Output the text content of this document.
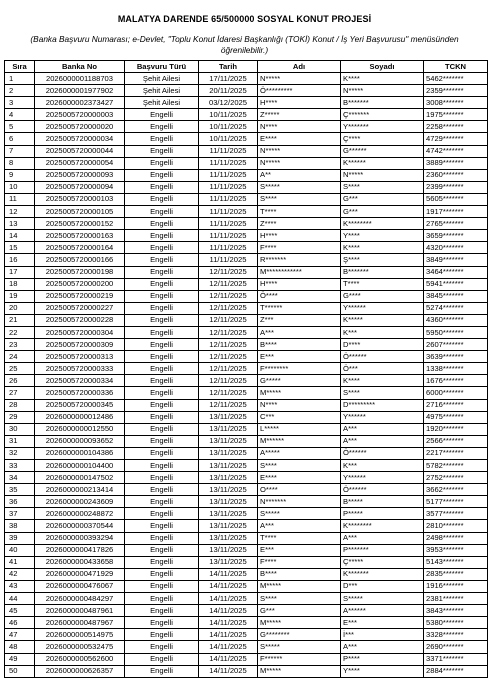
MALATYA DARENDE 65/500000 SOSYAL KONUT PROJESİ
(Banka Başvuru Numarası; e-Devlet, "Toplu Konut İdaresi Başkanlığı (TOKİ) Konut / İş Yeri Başvurusu" menüsünden öğrenilebilir.)
Sıra	Banka No	Başvuru Türü	Tarih	Adı	Soyadı	TCKN
1	2026000001188703	Şehit Ailesi	17/11/2025	N*****	K****	5462*******
2	2026000001977902	Şehit Ailesi	20/11/2025	Ö*********	N*****	2359*******
3	2026000002373427	Şehit Ailesi	03/12/2025	H****	B*******	3008*******
4	2025005720000003	Engelli	10/11/2025	Z*****	Ç*******	1975*******
5	2025005720000020	Engelli	10/11/2025	N****	Y*******	2258*******
6	2025005720000034	Engelli	10/11/2025	E****	Ç****	4729*******
7	2025005720000044	Engelli	11/11/2025	N*****	G******	4742*******
8	2025005720000054	Engelli	11/11/2025	N*****	K******	3889*******
9	2025005720000093	Engelli	11/11/2025	A**	N*****	2360*******
10	2025005720000094	Engelli	11/11/2025	S*****	S****	2399*******
11	2025005720000103	Engelli	11/11/2025	S****	G***	5605*******
12	2025005720000105	Engelli	11/11/2025	T****	G***	1917*******
13	2025005720000152	Engelli	11/11/2025	Z****	K********	2765*******
14	2025005720000163	Engelli	11/11/2025	H****	Y****	3659*******
15	2025005720000164	Engelli	11/11/2025	F****	K****	4320*******
16	2025005720000166	Engelli	11/11/2025	R*******	Ş****	3849*******
17	2025005720000198	Engelli	12/11/2025	M************	B*******	3464*******
18	2025005720000200	Engelli	12/11/2025	H****	T****	5941*******
19	2025005720000219	Engelli	12/11/2025	Ö****	G****	3845*******
20	2025005720000227	Engelli	12/11/2025	T******	Y******	5274*******
21	2025005720000228	Engelli	12/11/2025	Z***	K*****	4360*******
22	2025005720000304	Engelli	12/11/2025	A***	K***	5950*******
23	2025005720000309	Engelli	12/11/2025	B****	D****	2607*******
24	2025005720000313	Engelli	12/11/2025	E***	Ö******	3639*******
25	2025005720000333	Engelli	12/11/2025	F********	Ö***	1338*******
26	2025005720000334	Engelli	12/11/2025	G*****	K****	1676*******
27	2025005720000336	Engelli	12/11/2025	M*****	S****	6000*******
28	2025005720000345	Engelli	12/11/2025	N****	D*********	2716*******
29	2026000000012486	Engelli	13/11/2025	C***	Y******	4975*******
30	2026000000012550	Engelli	13/11/2025	L*****	A***	1920*******
31	2026000000093652	Engelli	13/11/2025	M******	A***	2566*******
32	2026000000104386	Engelli	13/11/2025	A*****	Ö******	2217*******
33	2026000000104400	Engelli	13/11/2025	S****	K***	5782*******
34	2026000000147502	Engelli	13/11/2025	E****	Y******	2752*******
35	2026000000213414	Engelli	13/11/2025	O****	Ö******	3662*******
36	2026000000243609	Engelli	13/11/2025	N*******	B*****	5177*******
37	2026000000248872	Engelli	13/11/2025	S*****	P*****	3577*******
38	2026000000370544	Engelli	13/11/2025	A***	K********	2810*******
39	2026000000393294	Engelli	13/11/2025	T****	A***	2498*******
40	2026000000417826	Engelli	13/11/2025	E***	P*******	3953*******
41	2026000000433658	Engelli	13/11/2025	F****	Ç*****	5143*******
42	2026000000471929	Engelli	14/11/2025	B****	K*******	2835*******
43	2026000000476067	Engelli	14/11/2025	M*****	D***	1916*******
44	2026000000484297	Engelli	14/11/2025	S****	S*****	2381*******
45	2026000000487961	Engelli	14/11/2025	G***	A******	3843*******
46	2026000000487967	Engelli	14/11/2025	M*****	E***	5380*******
47	2026000000514975	Engelli	14/11/2025	G********	İ***	3328*******
48	2026000000532475	Engelli	14/11/2025	S*****	A***	2690*******
49	2026000000562600	Engelli	14/11/2025	F******	P****	3371*******
50	2026000000626357	Engelli	14/11/2025	M*****	Y****	2884*******
